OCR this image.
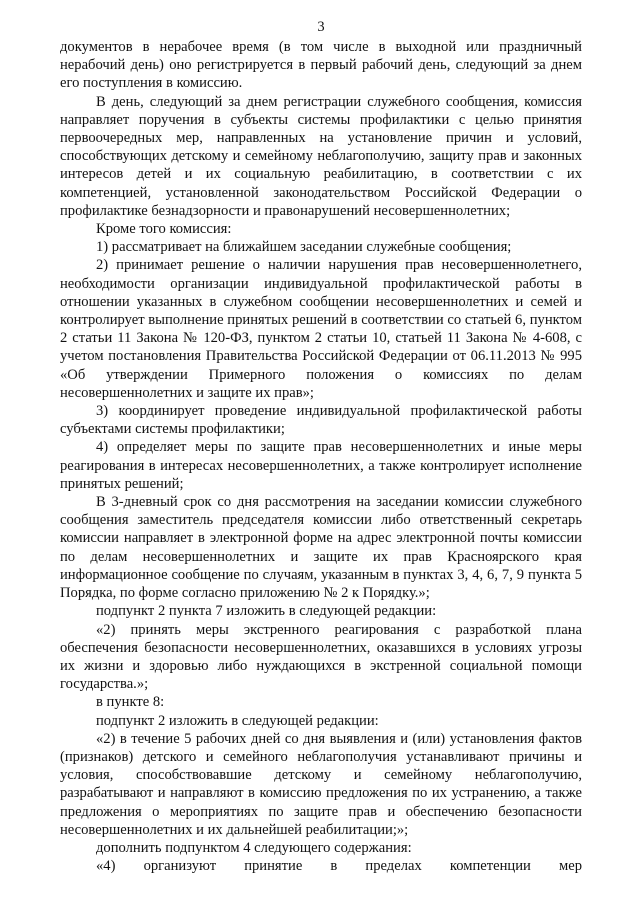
3

документов в нерабочее время (в том числе в выходной или праздничный нерабочий день) оно регистрируется в первый рабочий день, следующий за днем его поступления в комиссию.

В день, следующий за днем регистрации служебного сообщения, комиссия направляет поручения в субъекты системы профилактики с целью принятия первоочередных мер, направленных на установление причин и условий, способствующих детскому и семейному неблагополучию, защиту прав и законных интересов детей и их социальную реабилитацию, в соответствии с их компетенцией, установленной законодательством Российской Федерации о профилактике безнадзорности и правонарушений несовершеннолетних;

Кроме того комиссия:

1) рассматривает на ближайшем заседании служебные сообщения;

2) принимает решение о наличии нарушения прав несовершеннолетнего, необходимости организации индивидуальной профилактической работы в отношении указанных в служебном сообщении несовершеннолетних и семей и контролирует выполнение принятых решений в соответствии со статьей 6, пунктом 2 статьи 11 Закона № 120-ФЗ, пунктом 2 статьи 10, статьей 11 Закона № 4-608, с учетом постановления Правительства Российской Федерации от 06.11.2013 № 995 «Об утверждении Примерного положения о комиссиях по делам несовершеннолетних и защите их прав»;

3) координирует проведение индивидуальной профилактической работы субъектами системы профилактики;

4) определяет меры по защите прав несовершеннолетних и иные меры реагирования в интересах несовершеннолетних, а также контролирует исполнение принятых решений;

В 3-дневный срок со дня рассмотрения на заседании комиссии служебного сообщения заместитель председателя комиссии либо ответственный секретарь комиссии направляет в электронной форме на адрес электронной почты комиссии по делам несовершеннолетних и защите их прав Красноярского края информационное сообщение по случаям, указанным в пунктах 3, 4, 6, 7, 9 пункта 5 Порядка, по форме согласно приложению № 2 к Порядку.»;

подпункт 2 пункта 7 изложить в следующей редакции:

«2) принять меры экстренного реагирования с разработкой плана обеспечения безопасности несовершеннолетних, оказавшихся в условиях угрозы их жизни и здоровью либо нуждающихся в экстренной социальной помощи государства.»;

в пункте 8:

подпункт 2 изложить в следующей редакции:

«2) в течение 5 рабочих дней со дня выявления и (или) установления фактов (признаков) детского и семейного неблагополучия устанавливают причины и условия, способствовавшие детскому и семейному неблагополучию, разрабатывают и направляют в комиссию предложения по их устранению, а также предложения о мероприятиях по защите прав и обеспечению безопасности несовершеннолетних и их дальнейшей реабилитации;»;

дополнить подпунктом 4 следующего содержания:

«4) организуют принятие в пределах компетенции мер
